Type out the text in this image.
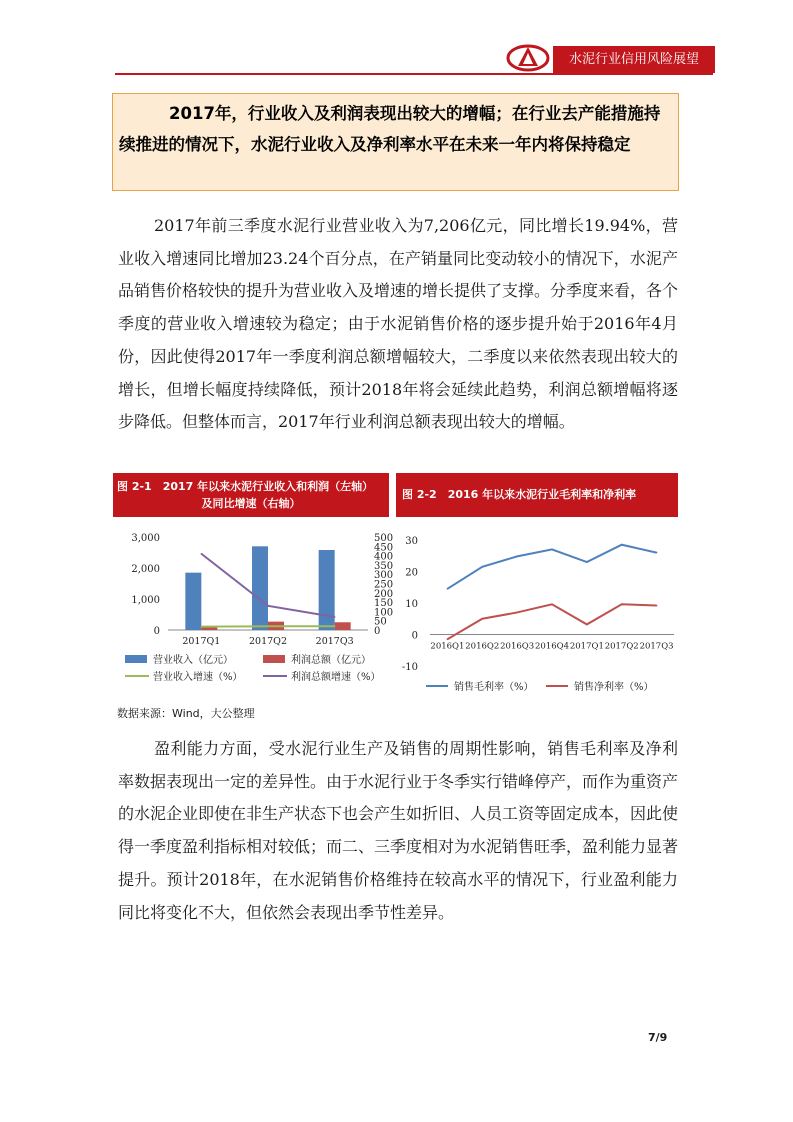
水泥行业信用风险展望
2017年，行业收入及利润表现出较大的增幅；在行业去产能措施持续推进的情况下，水泥行业收入及净利率水平在未来一年内将保持稳定
2017年前三季度水泥行业营业收入为7,206亿元，同比增长19.94%，营业收入增速同比增加23.24个百分点，在产销量同比变动较小的情况下，水泥产品销售价格较快的提升为营业收入及增速的增长提供了支撑。分季度来看，各个季度的营业收入增速较为稳定；由于水泥销售价格的逐步提升始于2016年4月份，因此使得2017年一季度利润总额增幅较大，二季度以来依然表现出较大的增长，但增长幅度持续降低，预计2018年将会延续此趋势，利润总额增幅将逐步降低。但整体而言，2017年行业利润总额表现出较大的增幅。
图 2-1　2017 年以来水泥行业收入和利润（左轴）
及同比增速（右轴）
图 2-2　2016 年以来水泥行业毛利率和净利率
0
1,000
2,000
3,000
0
50
100
150
200
250
300
350
400
450
500
2017Q1	2017Q2	2017Q3
营业收入（亿元）	利润总额（亿元）
营业收入增速（%）	利润总额增速（%）
-10
0
10
20
30
2016Q1 2016Q2 2016Q3 2016Q4 2017Q1 2017Q2 2017Q3
销售毛利率（%）	销售净利率（%）
数据来源：Wind，大公整理
盈利能力方面，受水泥行业生产及销售的周期性影响，销售毛利率及净利率数据表现出一定的差异性。由于水泥行业于冬季实行错峰停产，而作为重资产的水泥企业即使在非生产状态下也会产生如折旧、人员工资等固定成本，因此使得一季度盈利指标相对较低；而二、三季度相对为水泥销售旺季，盈利能力显著提升。预计2018年，在水泥销售价格维持在较高水平的情况下，行业盈利能力同比将变化不大，但依然会表现出季节性差异。
7/9
